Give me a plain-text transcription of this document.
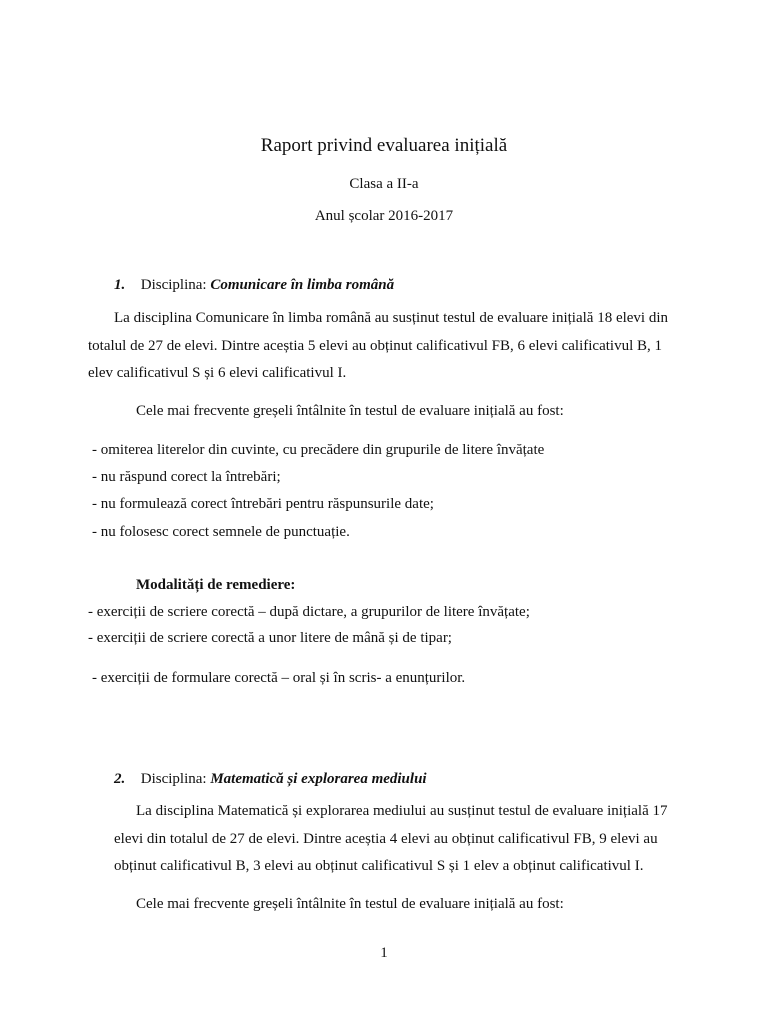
Raport privind evaluarea inițială
Clasa a II-a
Anul școlar 2016-2017
1. Disciplina: Comunicare în limba română
La disciplina Comunicare în limba română au susținut testul de evaluare inițială 18 elevi din
totalul de 27 de elevi. Dintre aceștia 5 elevi au obținut calificativul FB, 6 elevi calificativul B, 1
elev calificativul S și 6 elevi calificativul I.
Cele mai frecvente greșeli întâlnite în testul de evaluare inițială au fost:
- omiterea literelor din cuvinte, cu precădere din grupurile de litere învățate
- nu răspund corect la întrebări;
- nu formulează corect întrebări pentru răspunsurile date;
- nu folosesc corect semnele de punctuație.
Modalități de remediere:
- exerciții de scriere corectă – după dictare, a grupurilor de litere învățate;
- exerciții de scriere corectă a unor litere de mână și de tipar;
- exerciții de formulare corectă – oral și în scris- a enunțurilor.
2. Disciplina: Matematică și explorarea mediului
La disciplina Matematică și explorarea mediului au susținut testul de evaluare inițială 17
elevi din totalul de 27 de elevi. Dintre aceștia 4 elevi au obținut calificativul FB, 9 elevi au
obținut calificativul B, 3 elevi au obținut calificativul S și 1 elev a obținut calificativul I.
Cele mai frecvente greșeli întâlnite în testul de evaluare inițială au fost:
1
